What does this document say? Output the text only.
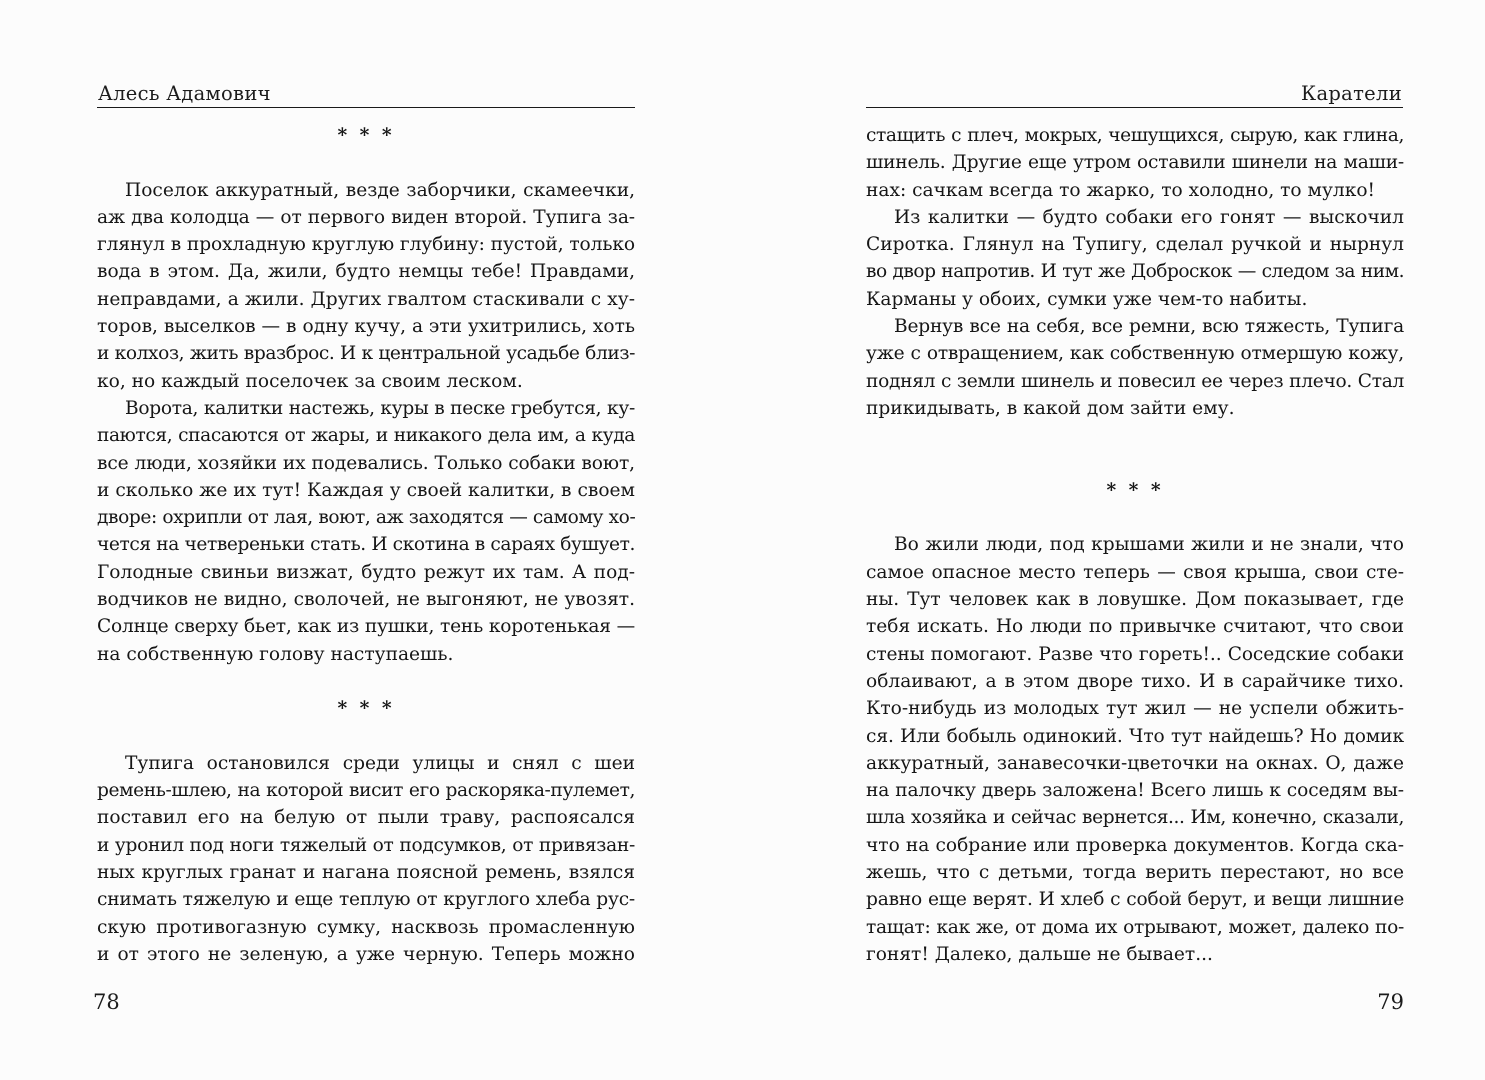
Алесь Адамович
* * *
Поселок аккуратный, везде заборчики, скамеечки,
аж два колодца — от первого виден второй. Тупига за-
глянул в прохладную круглую глубину: пустой, только
вода в этом. Да, жили, будто немцы тебе! Правдами,
неправдами, а жили. Других гвалтом стаскивали с ху-
торов, выселков — в одну кучу, а эти ухитрились, хоть
и колхоз, жить вразброс. И к центральной усадьбе близ-
ко, но каждый поселочек за своим леском.
Ворота, калитки настежь, куры в песке гребутся, ку-
паются, спасаются от жары, и никакого дела им, а куда
все люди, хозяйки их подевались. Только собаки воют,
и сколько же их тут! Каждая у своей калитки, в своем
дворе: охрипли от лая, воют, аж заходятся — самому хо-
чется на четвереньки стать. И скотина в сараях бушует.
Голодные свиньи визжат, будто режут их там. А под-
водчиков не видно, сволочей, не выгоняют, не увозят.
Солнце сверху бьет, как из пушки, тень коротенькая —
на собственную голову наступаешь.
* * *
Тупига остановился среди улицы и снял с шеи
ремень-шлею, на которой висит его раскоряка-пулемет,
поставил его на белую от пыли траву, распоясался
и уронил под ноги тяжелый от подсумков, от привязан-
ных круглых гранат и нагана поясной ремень, взялся
снимать тяжелую и еще теплую от круглого хлеба рус-
скую противогазную сумку, насквозь промасленную
и от этого не зеленую, а уже черную. Теперь можно
78
Каратели
стащить с плеч, мокрых, чешущихся, сырую, как глина,
шинель. Другие еще утром оставили шинели на маши-
нах: сачкам всегда то жарко, то холодно, то мулко!
Из калитки — будто собаки его гонят — выскочил
Сиротка. Глянул на Тупигу, сделал ручкой и нырнул
во двор напротив. И тут же Доброскок — следом за ним.
Карманы у обоих, сумки уже чем-то набиты.
Вернув все на себя, все ремни, всю тяжесть, Тупига
уже с отвращением, как собственную отмершую кожу,
поднял с земли шинель и повесил ее через плечо. Стал
прикидывать, в какой дом зайти ему.
* * *
Во жили люди, под крышами жили и не знали, что
самое опасное место теперь — своя крыша, свои сте-
ны. Тут человек как в ловушке. Дом показывает, где
тебя искать. Но люди по привычке считают, что свои
стены помогают. Разве что гореть!.. Соседские собаки
облаивают, а в этом дворе тихо. И в сарайчике тихо.
Кто-нибудь из молодых тут жил — не успели обжить-
ся. Или бобыль одинокий. Что тут найдешь? Но домик
аккуратный, занавесочки-цветочки на окнах. О, даже
на палочку дверь заложена! Всего лишь к соседям вы-
шла хозяйка и сейчас вернется... Им, конечно, сказали,
что на собрание или проверка документов. Когда ска-
жешь, что с детьми, тогда верить перестают, но все
равно еще верят. И хлеб с собой берут, и вещи лишние
тащат: как же, от дома их отрывают, может, далеко по-
гонят! Далеко, дальше не бывает...
79
